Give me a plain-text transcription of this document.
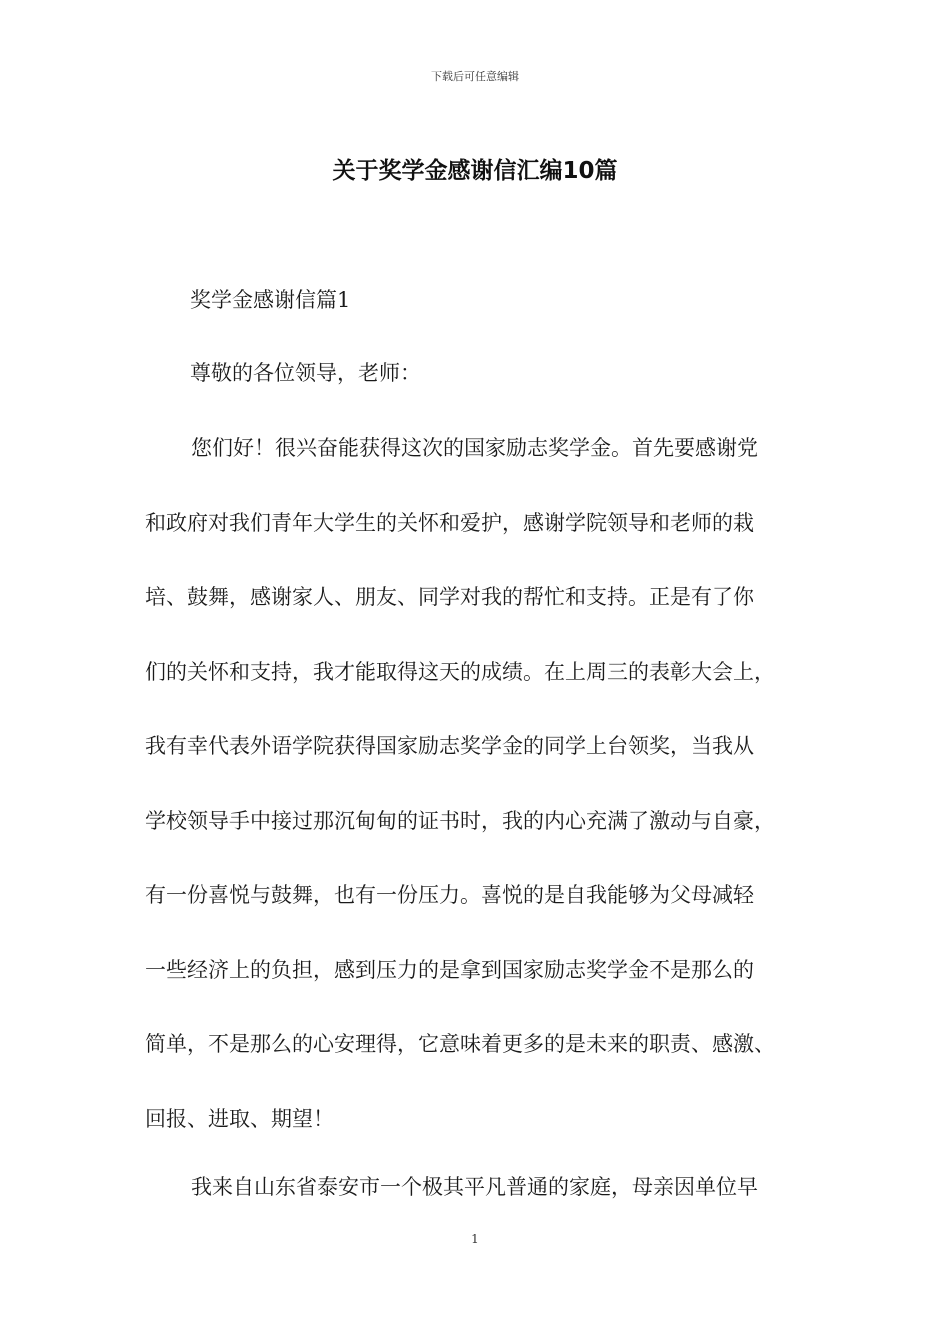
下载后可任意编辑
关于奖学金感谢信汇编10篇
奖学金感谢信篇1
尊敬的各位领导，老师：
您们好！很兴奋能获得这次的国家励志奖学金。首先要感谢党
和政府对我们青年大学生的关怀和爱护，感谢学院领导和老师的栽
培、鼓舞，感谢家人、朋友、同学对我的帮忙和支持。正是有了你
们的关怀和支持，我才能取得这天的成绩。在上周三的表彰大会上，
我有幸代表外语学院获得国家励志奖学金的同学上台领奖，当我从
学校领导手中接过那沉甸甸的证书时，我的内心充满了激动与自豪，
有一份喜悦与鼓舞，也有一份压力。喜悦的是自我能够为父母减轻
一些经济上的负担，感到压力的是拿到国家励志奖学金不是那么的
简单，不是那么的心安理得，它意味着更多的是未来的职责、感激、
回报、进取、期望！
我来自山东省泰安市一个极其平凡普通的家庭，母亲因单位早
1
